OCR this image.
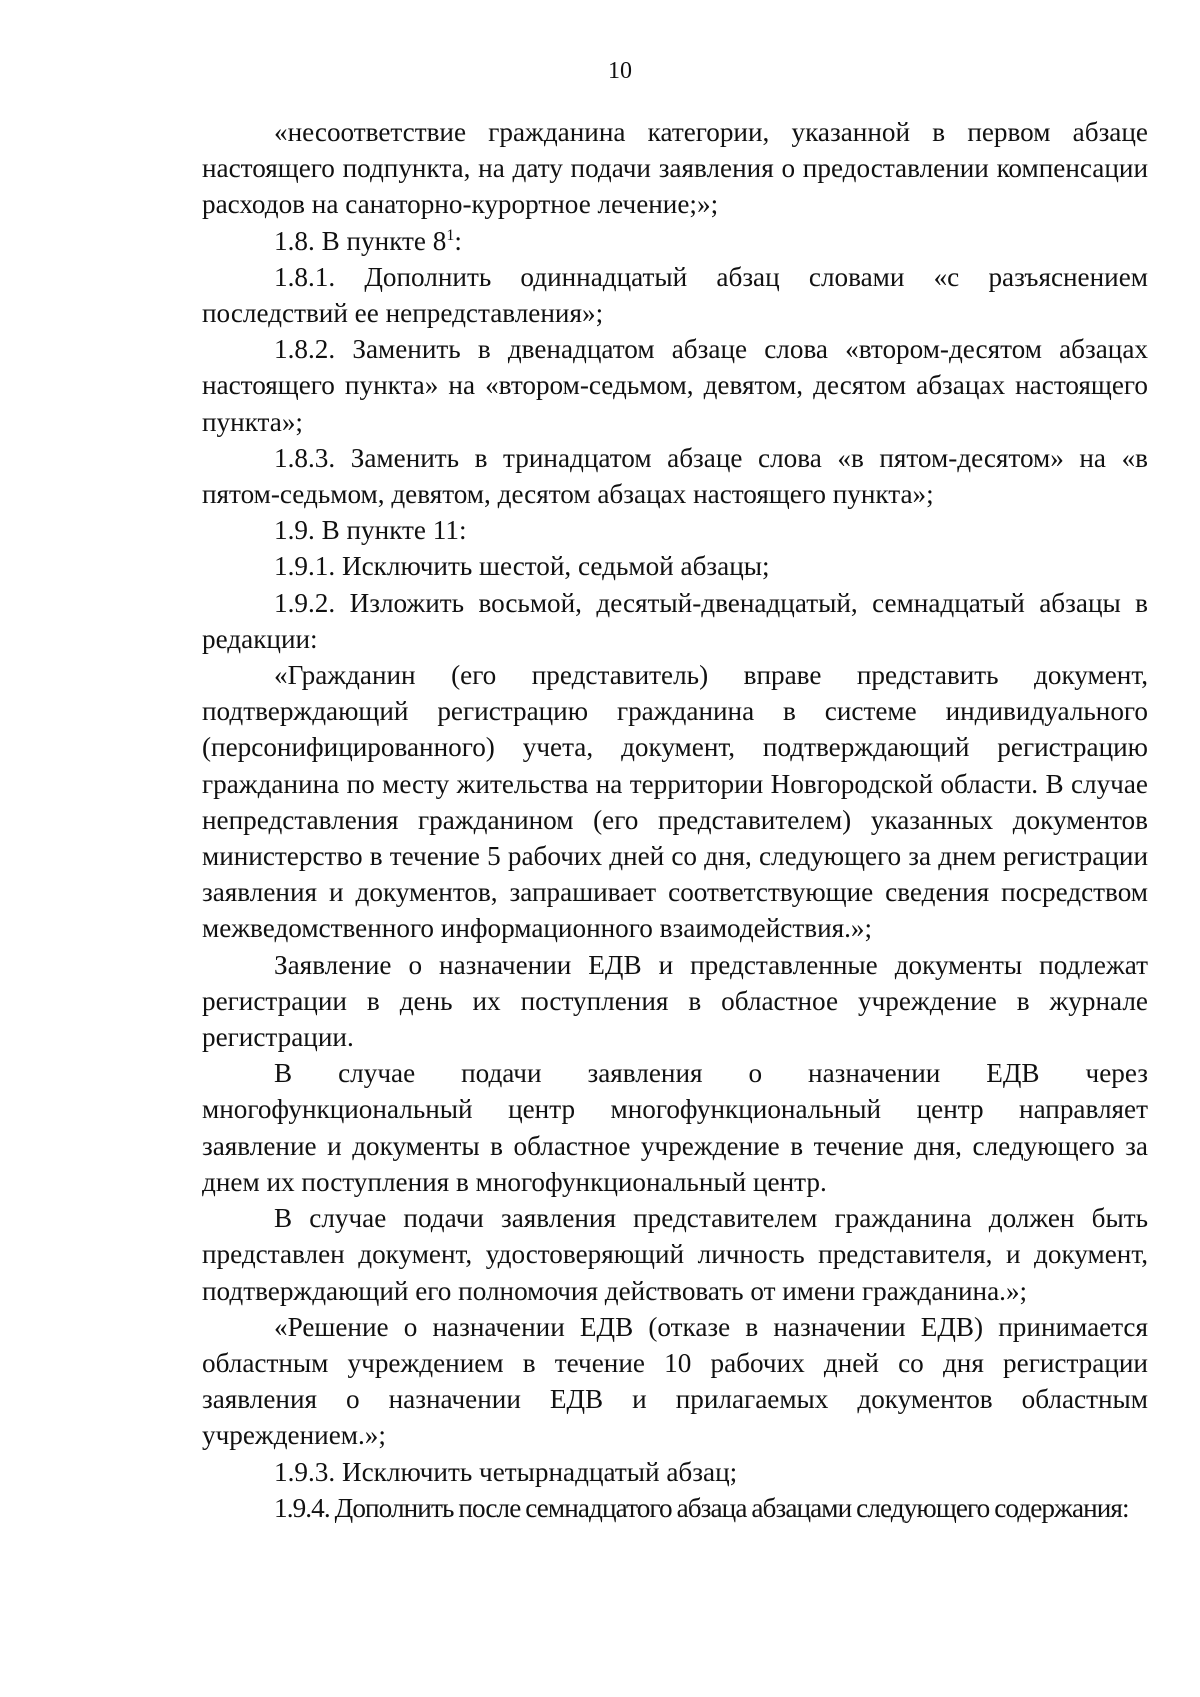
10

«несоответствие гражданина категории, указанной в первом абзаце настоящего подпункта, на дату подачи заявления о предоставлении компенсации расходов на санаторно-курортное лечение;»;

1.8. В пункте 8$^1$:

1.8.1. Дополнить одиннадцатый абзац словами «с разъяснением последствий ее непредставления»;

1.8.2. Заменить в двенадцатом абзаце слова «втором-десятом абзацах настоящего пункта» на «втором-седьмом, девятом, десятом абзацах настоящего пункта»;

1.8.3. Заменить в тринадцатом абзаце слова «в пятом-десятом» на «в пятом-седьмом, девятом, десятом абзацах настоящего пункта»;

1.9. В пункте 11:

1.9.1. Исключить шестой, седьмой абзацы;

1.9.2. Изложить восьмой, десятый-двенадцатый, семнадцатый абзацы в редакции:

«Гражданин (его представитель) вправе представить документ, подтверждающий регистрацию гражданина в системе индивидуального (персонифицированного) учета, документ, подтверждающий регистрацию гражданина по месту жительства на территории Новгородской области. В случае непредставления гражданином (его представителем) указанных документов министерство в течение 5 рабочих дней со дня, следующего за днем регистрации заявления и документов, запрашивает соответствующие сведения посредством межведомственного информационного взаимодействия.»;

Заявление о назначении ЕДВ и представленные документы подлежат регистрации в день их поступления в областное учреждение в журнале регистрации.

В случае подачи заявления о назначении ЕДВ через многофункциональный центр многофункциональный центр направляет заявление и документы в областное учреждение в течение дня, следующего за днем их поступления в многофункциональный центр.

В случае подачи заявления представителем гражданина должен быть представлен документ, удостоверяющий личность представителя, и документ, подтверждающий его полномочия действовать от имени гражданина.»;

«Решение о назначении ЕДВ (отказе в назначении ЕДВ) принимается областным учреждением в течение 10 рабочих дней со дня регистрации заявления о назначении ЕДВ и прилагаемых документов областным учреждением.»;

1.9.3. Исключить четырнадцатый абзац;

1.9.4. Дополнить после семнадцатого абзаца абзацами следующего содержания:
